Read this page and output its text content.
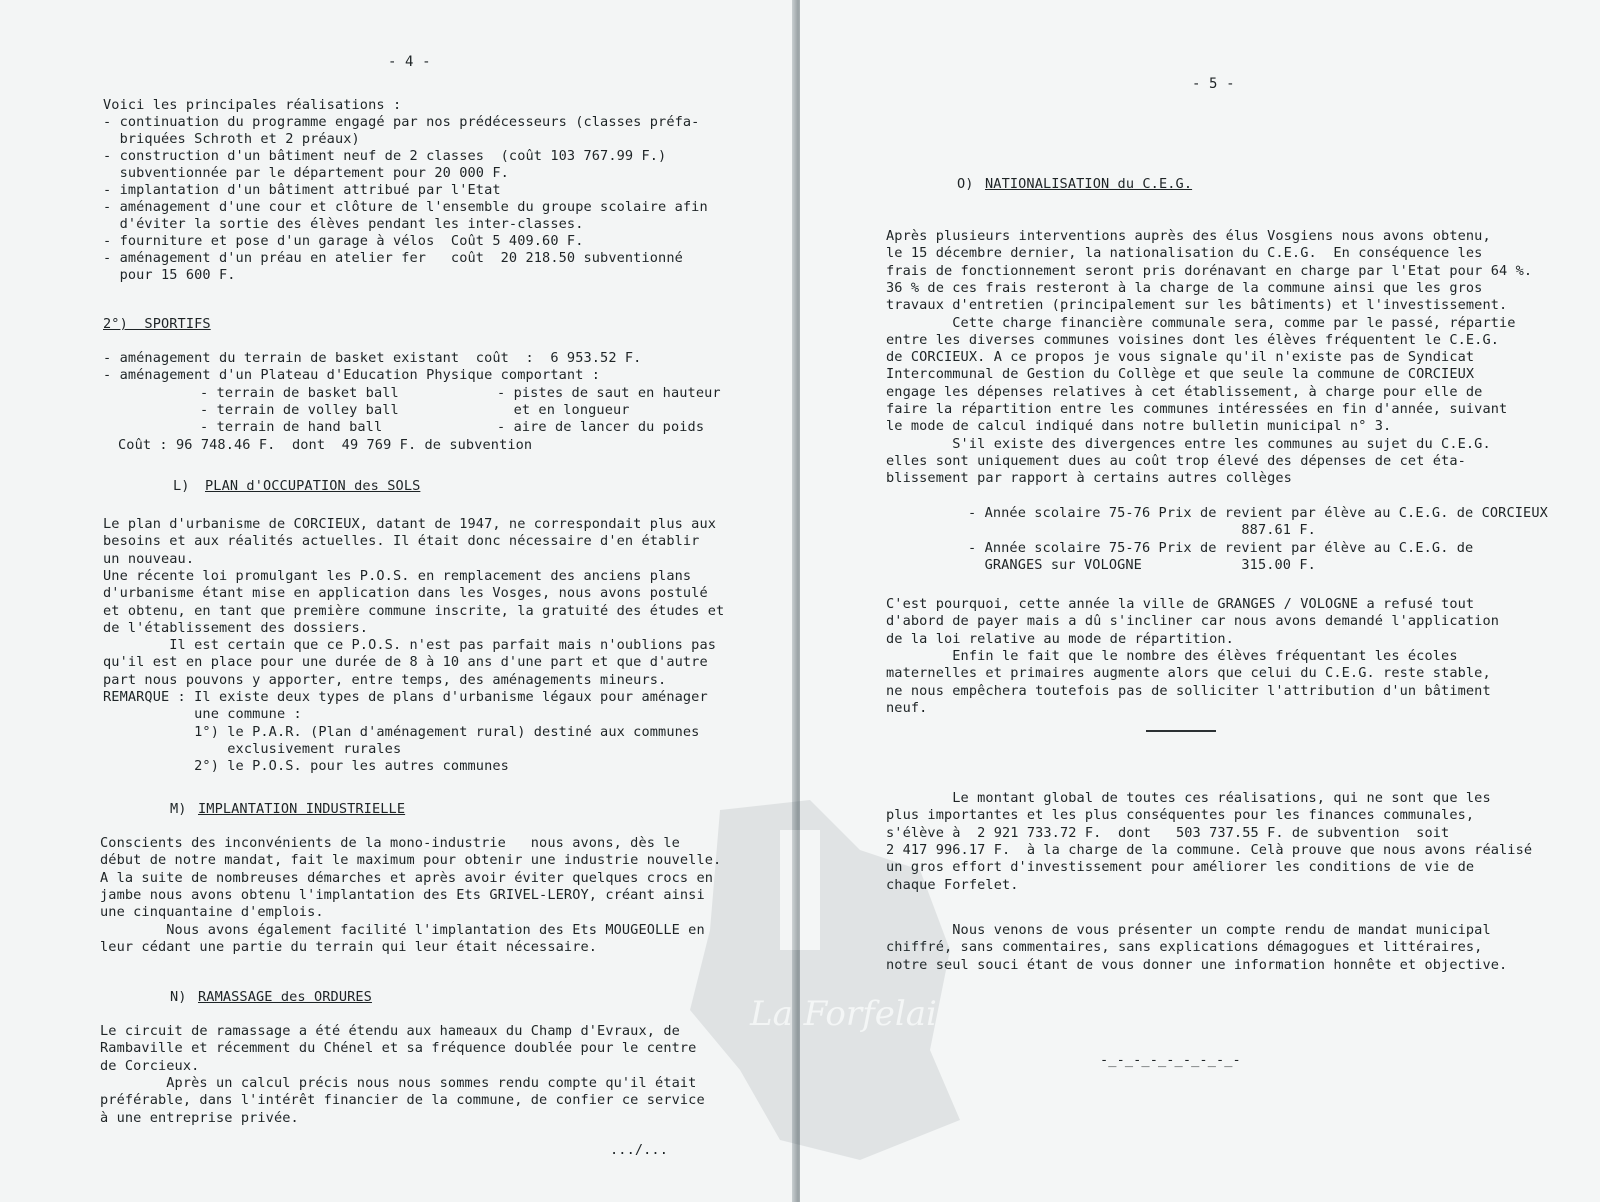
- 4 -
Voici les principales réalisations :
- continuation du programme engagé par nos prédécesseurs (classes préfa-
briquées Schroth et 2 préaux)
- construction d'un bâtiment neuf de 2 classes  (coût 103 767.99 F.)
subventionnée par le département pour 20 000 F.
- implantation d'un bâtiment attribué par l'Etat
- aménagement d'une cour et clôture de l'ensemble du groupe scolaire afin
d'éviter la sortie des élèves pendant les inter-classes.
- fourniture et pose d'un garage à vélos  Coût 5 409.60 F.
- aménagement d'un préau en atelier fer   coût  20 218.50 subventionné
pour 15 600 F.
2°)  SPORTIFS
- aménagement du terrain de basket existant  coût  :  6 953.52 F.
- aménagement d'un Plateau d'Education Physique comportant :
- terrain de basket ball
- terrain de volley ball
- terrain de hand ball
- pistes de saut en hauteur
et en longueur
- aire de lancer du poids
Coût : 96 748.46 F.  dont  49 769 F. de subvention
L) PLAN d'OCCUPATION des SOLS
Le plan d'urbanisme de CORCIEUX, datant de 1947, ne correspondait plus aux
besoins et aux réalités actuelles. Il était donc nécessaire d'en établir
un nouveau.
Une récente loi promulgant les P.O.S. en remplacement des anciens plans
d'urbanisme étant mise en application dans les Vosges, nous avons postulé
et obtenu, en tant que première commune inscrite, la gratuité des études et
de l'établissement des dossiers.
Il est certain que ce P.O.S. n'est pas parfait mais n'oublions pas
qu'il est en place pour une durée de 8 à 10 ans d'une part et que d'autre
part nous pouvons y apporter, entre temps, des aménagements mineurs.
REMARQUE : Il existe deux types de plans d'urbanisme légaux pour aménager
une commune :
1°) le P.A.R. (Plan d'aménagement rural) destiné aux communes
exclusivement rurales
2°) le P.O.S. pour les autres communes
M) IMPLANTATION INDUSTRIELLE
Conscients des inconvénients de la mono-industrie   nous avons, dès le
début de notre mandat, fait le maximum pour obtenir une industrie nouvelle.
A la suite de nombreuses démarches et après avoir éviter quelques crocs en
jambe nous avons obtenu l'implantation des Ets GRIVEL-LEROY, créant ainsi
une cinquantaine d'emplois.
Nous avons également facilité l'implantation des Ets MOUGEOLLE en
leur cédant une partie du terrain qui leur était nécessaire.
N) RAMASSAGE des ORDURES
Le circuit de ramassage a été étendu aux hameaux du Champ d'Evraux, de
Rambaville et récemment du Chénel et sa fréquence doublée pour le centre
de Corcieux.
Après un calcul précis nous nous sommes rendu compte qu'il était
préférable, dans l'intérêt financier de la commune, de confier ce service
à une entreprise privée.
.../...
- 5 -
O) NATIONALISATION du C.E.G.
Après plusieurs interventions auprès des élus Vosgiens nous avons obtenu,
le 15 décembre dernier, la nationalisation du C.E.G.  En conséquence les
frais de fonctionnement seront pris dorénavant en charge par l'Etat pour 64 %.
36 % de ces frais resteront à la charge de la commune ainsi que les gros
travaux d'entretien (principalement sur les bâtiments) et l'investissement.
Cette charge financière communale sera, comme par le passé, répartie
entre les diverses communes voisines dont les élèves fréquentent le C.E.G.
de CORCIEUX. A ce propos je vous signale qu'il n'existe pas de Syndicat
Intercommunal de Gestion du Collège et que seule la commune de CORCIEUX
engage les dépenses relatives à cet établissement, à charge pour elle de
faire la répartition entre les communes intéressées en fin d'année, suivant
le mode de calcul indiqué dans notre bulletin municipal n° 3.
S'il existe des divergences entre les communes au sujet du C.E.G.
elles sont uniquement dues au coût trop élevé des dépenses de cet éta-
blissement par rapport à certains autres collèges
- Année scolaire 75-76 Prix de revient par élève au C.E.G. de CORCIEUX
887.61 F.
- Année scolaire 75-76 Prix de revient par élève au C.E.G. de
GRANGES sur VOLOGNE            315.00 F.
C'est pourquoi, cette année la ville de GRANGES / VOLOGNE a refusé tout
d'abord de payer mais a dû s'incliner car nous avons demandé l'application
de la loi relative au mode de répartition.
Enfin le fait que le nombre des élèves fréquentant les écoles
maternelles et primaires augmente alors que celui du C.E.G. reste stable,
ne nous empêchera toutefois pas de solliciter l'attribution d'un bâtiment
neuf.
Le montant global de toutes ces réalisations, qui ne sont que les
plus importantes et les plus conséquentes pour les finances communales,
s'élève à  2 921 733.72 F.  dont   503 737.55 F. de subvention  soit
2 417 996.17 F.  à la charge de la commune. Celà prouve que nous avons réalisé
un gros effort d'investissement pour améliorer les conditions de vie de
chaque Forfelet.
Nous venons de vous présenter un compte rendu de mandat municipal
chiffré, sans commentaires, sans explications démagogues et littéraires,
notre seul souci étant de vous donner une information honnête et objective.
-_-_-_-_-_-_-_-_-
La Forfelaise
